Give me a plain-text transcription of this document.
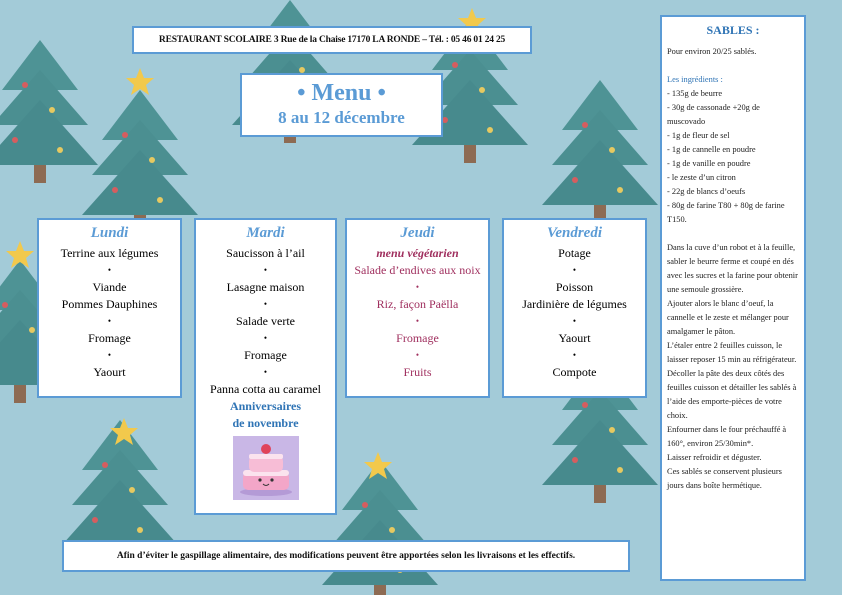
RESTAURANT SCOLAIRE 3 Rue de la Chaise 17170 LA RONDE – Tél. : 05 46 01 24 25
• Menu •
8 au 12 décembre
Lundi
Terrine aux légumes
•
Viande
Pommes Dauphines
•
Fromage
•
Yaourt
Mardi
Saucisson à l’ail
•
Lasagne maison
•
Salade verte
•
Fromage
•
Panna cotta au caramel
Anniversaires
de novembre
Jeudi
menu végétarien
Salade d’endives aux noix
•
Riz, façon Paëlla
•
Fromage
•
Fruits
Vendredi
Potage
•
Poisson
Jardinière de légumes
•
Yaourt
•
Compote
Afin d’éviter le gaspillage alimentaire, des modifications peuvent être apportées selon les livraisons et les effectifs.
SABLES :
Pour environ 20/25 sablés.
Les ingrédients :
- 135g de beurre
- 30g de cassonade +20g de muscovado
- 1g de fleur de sel
- 1g de cannelle en poudre
- 1g de vanille en poudre
- le zeste d’un citron
- 22g de blancs d’oeufs
- 80g de farine T80 + 80g de farine T150.
Dans la cuve d’un robot et à la feuille, sabler le beurre ferme et coupé en dés avec les sucres et la farine pour obtenir une semoule grossière.
Ajouter alors le blanc d’oeuf, la cannelle et le zeste et mélanger pour amalgamer le pâton.
L’étaler entre 2 feuilles cuisson, le laisser reposer 15 min au réfrigérateur. Décoller la pâte des deux côtés des feuilles cuisson et détailler les sablés à l’aide des emporte-pièces de votre choix.
Enfourner dans le four préchauffé à 160°, environ 25/30min*.
Laisser refroidir et déguster.
Ces sablés se conservent plusieurs jours dans boîte hermétique.
